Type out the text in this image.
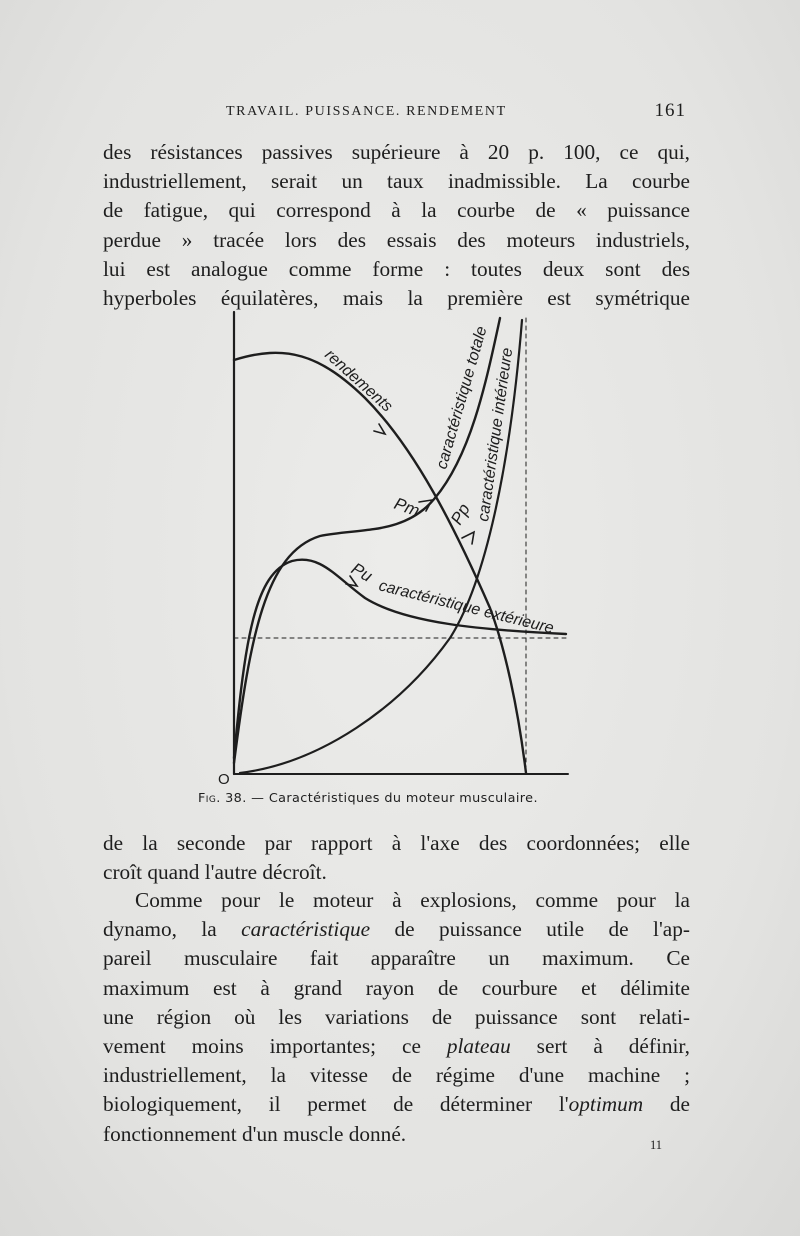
TRAVAIL. PUISSANCE. RENDEMENT	161
des résistances passives supérieure à 20 p. 100, ce qui,
industriellement, serait un taux inadmissible. La courbe
de fatigue, qui correspond à la courbe de « puissance
perdue » tracée lors des essais des moteurs industriels,
lui est analogue comme forme : toutes deux sont des
hyperboles équilatères, mais la première est symétrique
O
rendements caractéristique totale
caractéristique intérieure
caractéristique extérieure
Pm Pp
Pu
Fig. 38. — Caractéristiques du moteur musculaire.
de la seconde par rapport à l'axe des coordonnées; elle
croît quand l'autre décroît.
Comme pour le moteur à explosions, comme pour la
dynamo, la caractéristique de puissance utile de l'ap-
pareil musculaire fait apparaître un maximum. Ce
maximum est à grand rayon de courbure et délimite
une région où les variations de puissance sont relati-
vement moins importantes; ce plateau sert à définir,
industriellement, la vitesse de régime d'une machine ;
biologiquement, il permet de déterminer l'optimum de
fonctionnement d'un muscle donné.	11
